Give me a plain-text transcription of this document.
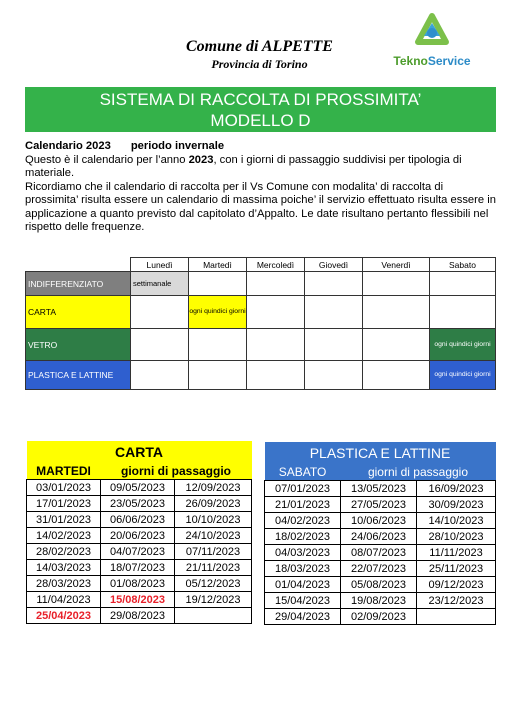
Comune di ALPETTE
Provincia di Torino	TeknoService
SISTEMA DI RACCOLTA DI PROSSIMITA’
MODELLO D

Calendario 2023 periodo invernale

Questo è il calendario per l’anno 2023, con i giorni di passaggio suddivisi per tipologia di materiale.

Ricordiamo che il calendario di raccolta per il Vs Comune con modalita’ di raccolta di prossimita’ risulta essere un calendario di massima poiche’ il servizio effettuato risulta essere in applicazione a quanto previsto dal capitolato d’Appalto. Le date risultano pertanto flessibili nel rispetto delle frequenze.

	Lunedì	Martedì	Mercoledì	Giovedì	Venerdì	Sabato
INDIFFERENZIATO	settimanale					
CARTA		ogni quindici giorni				
VETRO						ogni quindici giorni
PLASTICA E LATTINE						ogni quindici giorni
CARTA		
MARTEDI	giorni di passaggio	
03/01/2023	09/05/2023	12/09/2023
17/01/2023	23/05/2023	26/09/2023
31/01/2023	06/06/2023	10/10/2023
14/02/2023	20/06/2023	24/10/2023
28/02/2023	04/07/2023	07/11/2023
14/03/2023	18/07/2023	21/11/2023
28/03/2023	01/08/2023	05/12/2023
11/04/2023	15/08/2023	19/12/2023
25/04/2023	29/08/2023	
PLASTICA E LATTINE		
SABATO	giorni di passaggio	
07/01/2023	13/05/2023	16/09/2023
21/01/2023	27/05/2023	30/09/2023
04/02/2023	10/06/2023	14/10/2023
18/02/2023	24/06/2023	28/10/2023
04/03/2023	08/07/2023	11/11/2023
18/03/2023	22/07/2023	25/11/2023
01/04/2023	05/08/2023	09/12/2023
15/04/2023	19/08/2023	23/12/2023
29/04/2023	02/09/2023	
